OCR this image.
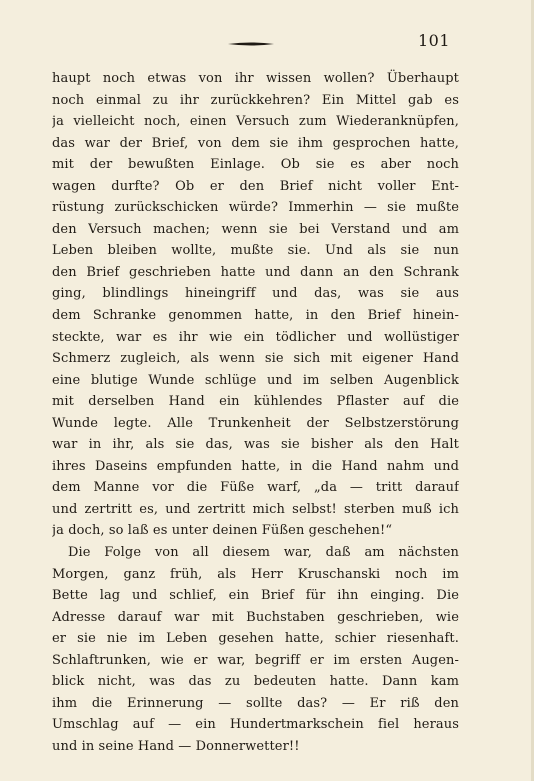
101
haupt noch etwas von ihr wissen wollen? Überhaupt
noch einmal zu ihr zurückkehren? Ein Mittel gab es
ja vielleicht noch, einen Versuch zum Wiederanknüpfen,
das war der Brief, von dem sie ihm gesprochen hatte,
mit der bewußten Einlage. Ob sie es aber noch
wagen durfte? Ob er den Brief nicht voller Ent-
rüstung zurückschicken würde? Immerhin — sie mußte
den Versuch machen; wenn sie bei Verstand und am
Leben bleiben wollte, mußte sie. Und als sie nun
den Brief geschrieben hatte und dann an den Schrank
ging, blindlings hineingriff und das, was sie aus
dem Schranke genommen hatte, in den Brief hinein-
steckte, war es ihr wie ein tödlicher und wollüstiger
Schmerz zugleich, als wenn sie sich mit eigener Hand
eine blutige Wunde schlüge und im selben Augenblick
mit derselben Hand ein kühlendes Pflaster auf die
Wunde legte. Alle Trunkenheit der Selbstzerstörung
war in ihr, als sie das, was sie bisher als den Halt
ihres Daseins empfunden hatte, in die Hand nahm und
dem Manne vor die Füße warf, „da — tritt darauf
und zertritt es, und zertritt mich selbst! sterben muß ich
ja doch, so laß es unter deinen Füßen geschehen!“
Die Folge von all diesem war, daß am nächsten
Morgen, ganz früh, als Herr Kruschanski noch im
Bette lag und schlief, ein Brief für ihn einging. Die
Adresse darauf war mit Buchstaben geschrieben, wie
er sie nie im Leben gesehen hatte, schier riesenhaft.
Schlaftrunken, wie er war, begriff er im ersten Augen-
blick nicht, was das zu bedeuten hatte. Dann kam
ihm die Erinnerung — sollte das? — Er riß den
Umschlag auf — ein Hundertmarkschein fiel heraus
und in seine Hand — Donnerwetter!!
